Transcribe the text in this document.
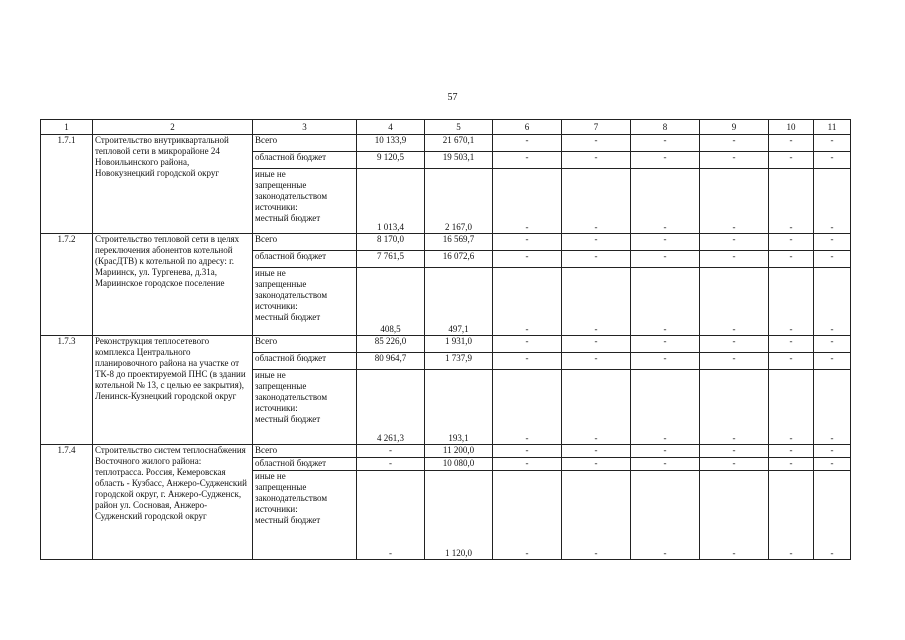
57
1	2	3	4	5	6	7	8	9	10	11
1.7.1	Строительство внутриквартальной тепловой сети в микрорайоне 24 Новоильинского района, Новокузнецкий городской округ	Всего	10 133,9	21 670,1	-	-	-	-	-	-
		областной бюджет	9 120,5	19 503,1	-	-	-	-	-	-
		иные не
запрещенные
законодательством
источники:
местный бюджет	1 013,4	2 167,0	-	-	-	-	-	-
1.7.2	Строительство тепловой сети в целях переключения абонентов котельной (КрасДТВ) к котельной по адресу: г. Мариинск, ул. Тургенева, д.31а, Мариинское городское поселение	Всего	8 170,0	16 569,7	-	-	-	-	-	-
		областной бюджет	7 761,5	16 072,6	-	-	-	-	-	-
		иные не
запрещенные
законодательством
источники:
местный бюджет	408,5	497,1	-	-	-	-	-	-
1.7.3	Реконструкция теплосетевого комплекса Центрального планировочного района на участке от ТК-8 до проектируемой ПНС (в здании котельной № 13, с целью ее закрытия), Ленинск-Кузнецкий городской округ	Всего	85 226,0	1 931,0	-	-	-	-	-	-
		областной бюджет	80 964,7	1 737,9	-	-	-	-	-	-
		иные не
запрещенные
законодательством
источники:
местный бюджет	4 261,3	193,1	-	-	-	-	-	-
1.7.4	Строительство систем теплоснабжения Восточного жилого района: теплотрасса. Россия, Кемеровская область - Кузбасс, Анжеро-Судженский городской округ, г. Анжеро-Судженск, район ул. Сосновая, Анжеро-Судженский городской округ	Всего	-	11 200,0	-	-	-	-	-	-
		областной бюджет	-	10 080,0	-	-	-	-	-	-
		иные не
запрещенные
законодательством
источники:
местный бюджет	-	1 120,0	-	-	-	-	-	-
